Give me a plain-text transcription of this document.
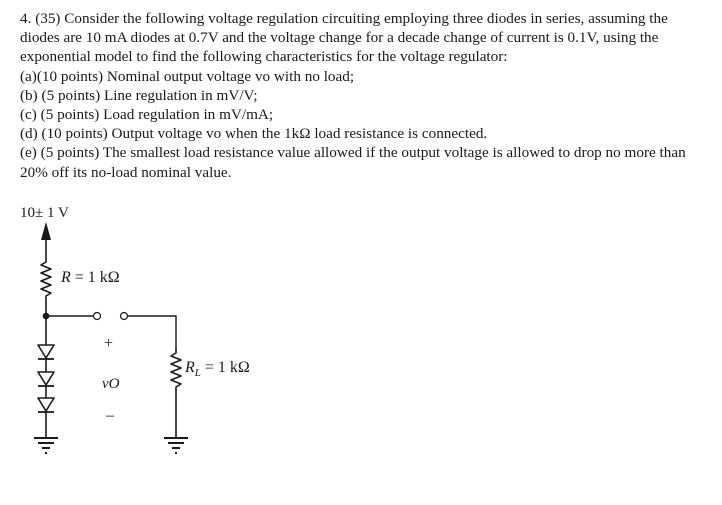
4. (35) Consider the following voltage regulation circuiting employing three diodes in series, assuming the diodes are 10 mA diodes at 0.7V and the voltage change for a decade change of current is 0.1V, using the exponential model to find the following characteristics for the voltage regulator:

(a)(10 points) Nominal output voltage vo with no load;

(b) (5 points) Line regulation in mV/V;

(c) (5 points) Load regulation in mV/mA;

(d) (10 points) Output voltage vo when the 1kΩ load resistance is connected.

(e) (5 points) The smallest load resistance value allowed if the output voltage is allowed to drop no more than 20% off its no-load nominal value.

10± 1 V
R = 1 kΩ
+
vO
–
$R_L = 1$ kΩ
